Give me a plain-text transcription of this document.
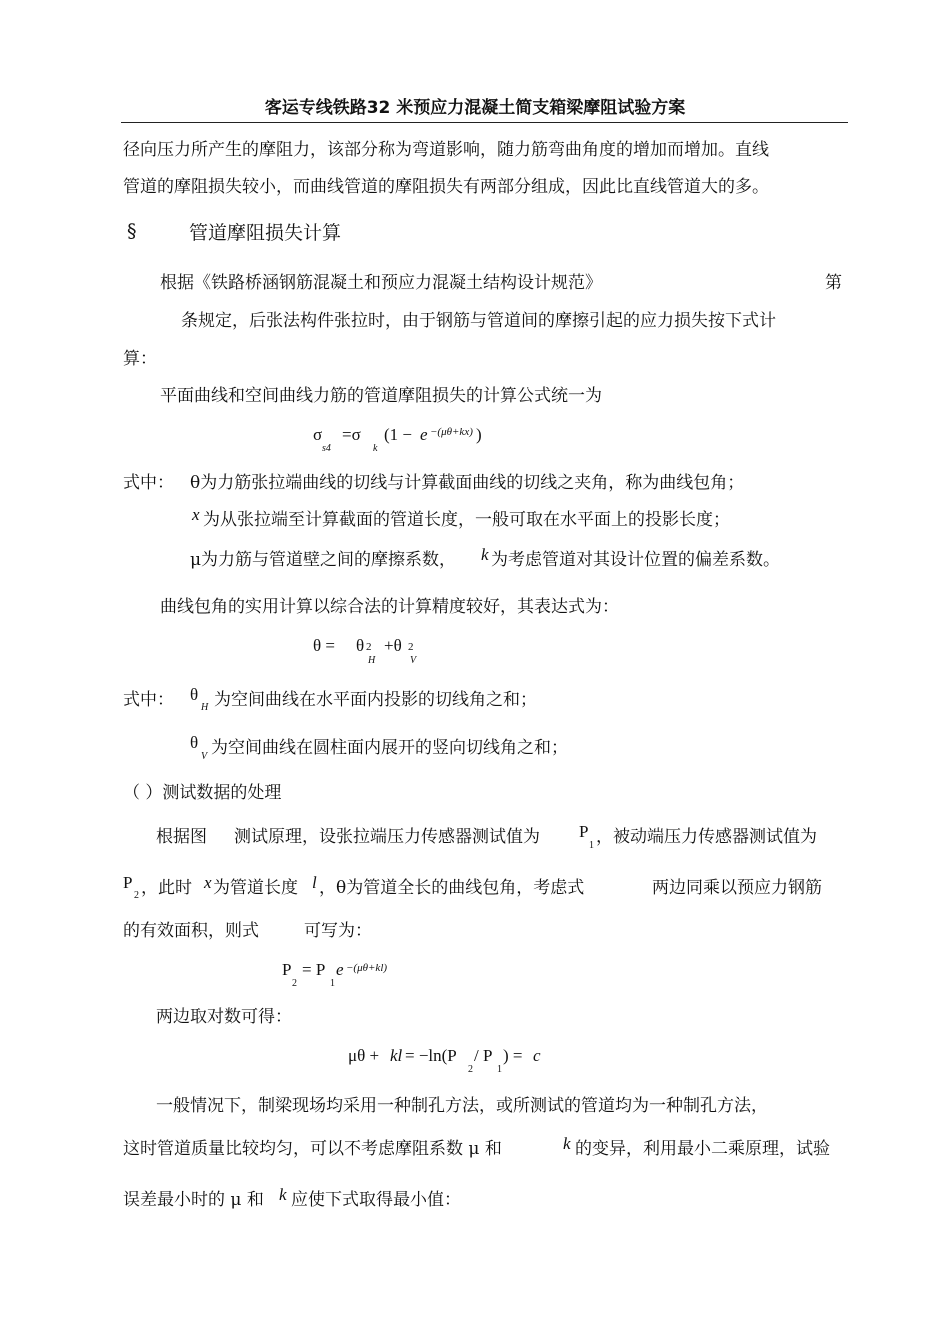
客运专线铁路32 米预应力混凝土简支箱梁摩阻试验方案
径向压力所产生的摩阻力，该部分称为弯道影响，随力筋弯曲角度的增加而增加。直线
管道的摩阻损失较小，而曲线管道的摩阻损失有两部分组成，因此比直线管道大的多。
§	管道摩阻损失计算
根据《铁路桥涵钢筋混凝土和预应力混凝土结构设计规范》	第
条规定，后张法构件张拉时，由于钢筋与管道间的摩擦引起的应力损失按下式计
算：
平面曲线和空间曲线力筋的管道摩阻损失的计算公式统一为
σ
s4
=σ
k
(1 − e −(μθ+kx) )
式中： θ为力筋张拉端曲线的切线与计算截面曲线的切线之夹角，称为曲线包角；
x 为从张拉端至计算截面的管道长度，一般可取在水平面上的投影长度；
μ为力筋与管道壁之间的摩擦系数， k 为考虑管道对其设计位置的偏差系数。
曲线包角的实用计算以综合法的计算精度较好，其表达式为：
θ = θ 2
H
+θ 2
V
式中： θ
H 为空间曲线在水平面内投影的切线角之和；
θ
V 为空间曲线在圆柱面内展开的竖向切线角之和；
（ ）测试数据的处理
根据图 测试原理，设张拉端压力传感器测试值为 P
1 ，被动端压力传感器测试值为
P
2 ，此时 x 为管道长度 l ，θ为管道全长的曲线包角，考虑式	两边同乘以预应力钢筋
的有效面积，则式	可写为：
P
2
= P
1
e −(μθ+kl)
两边取对数可得：
μθ + kl = −ln(P
2
/ P
1
) = c
一般情况下，制梁现场均采用一种制孔方法，或所测试的管道均为一种制孔方法，
这时管道质量比较均匀，可以不考虑摩阻系数 μ 和	k 的变异，利用最小二乘原理，试验
误差最小时的 μ 和 k 应使下式取得最小值：
